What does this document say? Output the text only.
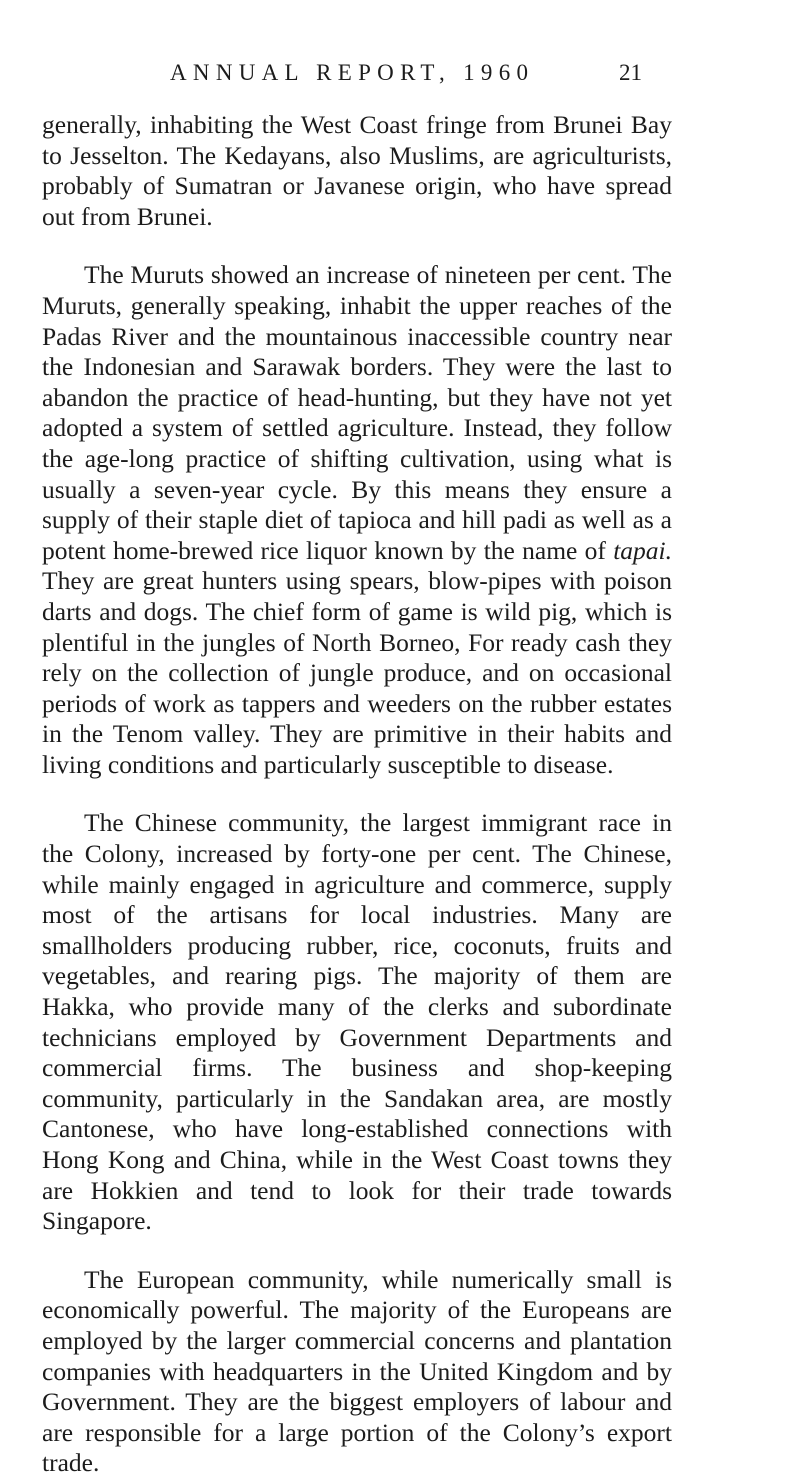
ANNUAL REPORT, 1960	21

generally, inhabiting the West Coast fringe from Brunei Bay to Jesselton. The Kedayans, also Muslims, are agriculturists, probably of Sumatran or Javanese origin, who have spread out from Brunei.

The Muruts showed an increase of nineteen per cent. The Muruts, generally speaking, inhabit the upper reaches of the Padas River and the mountainous inaccessible country near the Indonesian and Sarawak borders. They were the last to abandon the practice of head-hunting, but they have not yet adopted a system of settled agriculture. Instead, they follow the age-long practice of shifting cultivation, using what is usually a seven-year cycle. By this means they ensure a supply of their staple diet of tapioca and hill padi as well as a potent home-brewed rice liquor known by the name of tapai. They are great hunters using spears, blow-pipes with poison darts and dogs. The chief form of game is wild pig, which is plentiful in the jungles of North Borneo, For ready cash they rely on the collection of jungle produce, and on occasional periods of work as tappers and weeders on the rubber estates in the Tenom valley. They are primitive in their habits and living conditions and particularly susceptible to disease.

The Chinese community, the largest immigrant race in the Colony, increased by forty-one per cent. The Chinese, while mainly engaged in agriculture and commerce, supply most of the artisans for local industries. Many are smallholders producing rubber, rice, coconuts, fruits and vegetables, and rearing pigs. The majority of them are Hakka, who provide many of the clerks and subordinate technicians employed by Government Departments and commercial firms. The business and shop-keeping community, particularly in the Sandakan area, are mostly Cantonese, who have long-established connections with Hong Kong and China, while in the West Coast towns they are Hokkien and tend to look for their trade towards Singapore.

The European community, while numerically small is economically powerful. The majority of the Europeans are employed by the larger commercial concerns and plantation companies with headquarters in the United Kingdom and by Government. They are the biggest employers of labour and are responsible for a large portion of the Colony’s export trade.
